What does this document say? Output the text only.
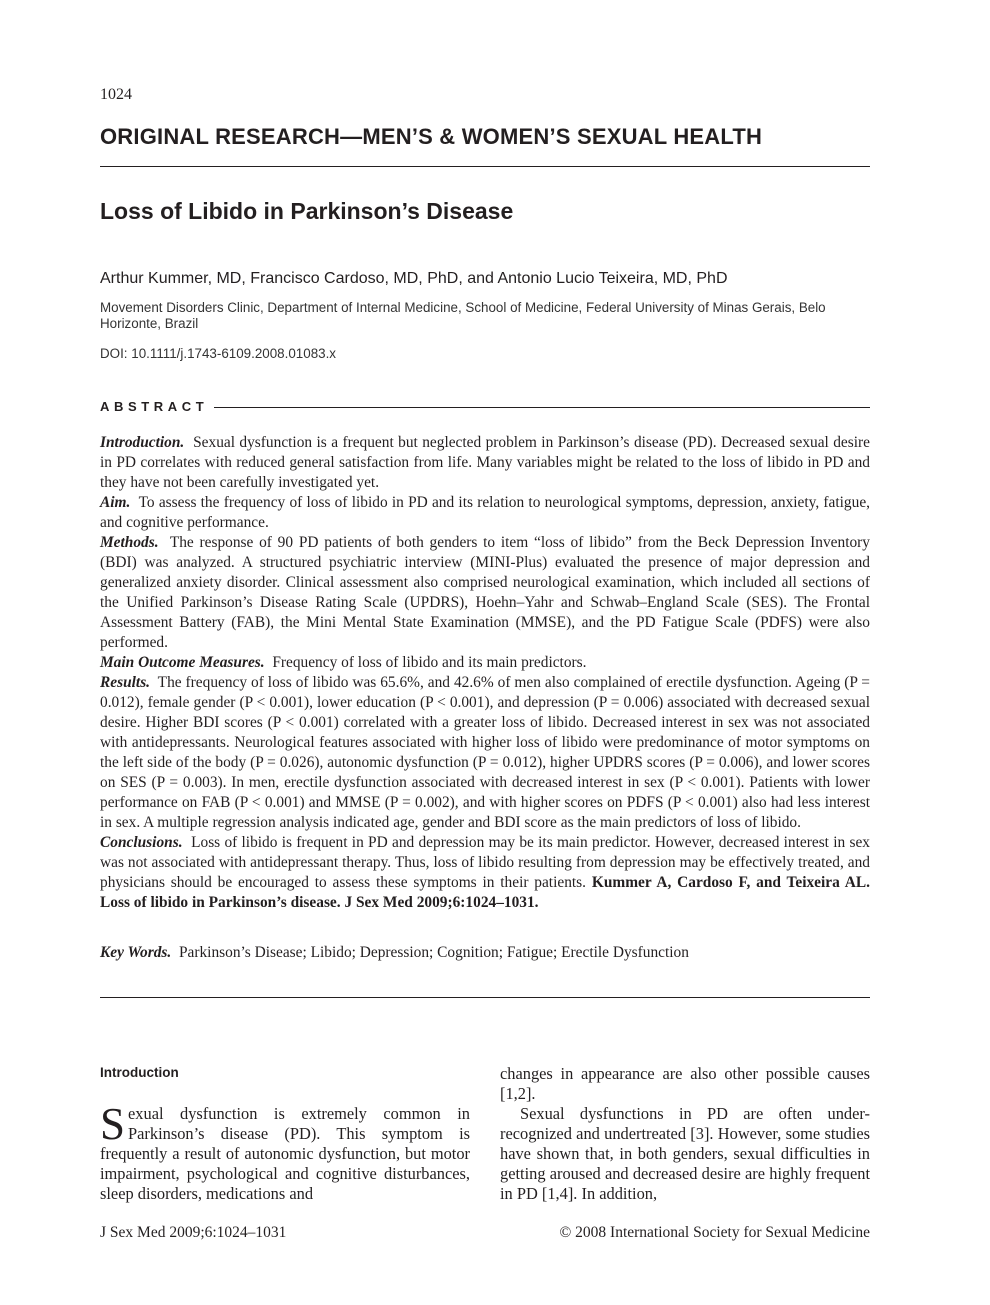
1024
ORIGINAL RESEARCH—MEN’S & WOMEN’S SEXUAL HEALTH
Loss of Libido in Parkinson’s Disease
Arthur Kummer, MD, Francisco Cardoso, MD, PhD, and Antonio Lucio Teixeira, MD, PhD
Movement Disorders Clinic, Department of Internal Medicine, School of Medicine, Federal University of Minas Gerais, Belo Horizonte, Brazil
DOI: 10.1111/j.1743-6109.2008.01083.x
ABSTRACT

Introduction. Sexual dysfunction is a frequent but neglected problem in Parkinson’s disease (PD). Decreased sexual desire in PD correlates with reduced general satisfaction from life. Many variables might be related to the loss of libido in PD and they have not been carefully investigated yet.

Aim. To assess the frequency of loss of libido in PD and its relation to neurological symptoms, depression, anxiety, fatigue, and cognitive performance.

Methods. The response of 90 PD patients of both genders to item “loss of libido” from the Beck Depression Inventory (BDI) was analyzed. A structured psychiatric interview (MINI-Plus) evaluated the presence of major depression and generalized anxiety disorder. Clinical assessment also comprised neurological examination, which included all sections of the Unified Parkinson’s Disease Rating Scale (UPDRS), Hoehn–Yahr and Schwab–England Scale (SES). The Frontal Assessment Battery (FAB), the Mini Mental State Examination (MMSE), and the PD Fatigue Scale (PDFS) were also performed.

Main Outcome Measures. Frequency of loss of libido and its main predictors.

Results. The frequency of loss of libido was 65.6%, and 42.6% of men also complained of erectile dysfunction. Ageing (P = 0.012), female gender (P < 0.001), lower education (P < 0.001), and depression (P = 0.006) associated with decreased sexual desire. Higher BDI scores (P < 0.001) correlated with a greater loss of libido. Decreased interest in sex was not associated with antidepressants. Neurological features associated with higher loss of libido were predominance of motor symptoms on the left side of the body (P = 0.026), autonomic dysfunction (P = 0.012), higher UPDRS scores (P = 0.006), and lower scores on SES (P = 0.003). In men, erectile dysfunction associated with decreased interest in sex (P < 0.001). Patients with lower performance on FAB (P < 0.001) and MMSE (P = 0.002), and with higher scores on PDFS (P < 0.001) also had less interest in sex. A multiple regression analysis indicated age, gender and BDI score as the main predictors of loss of libido.

Conclusions. Loss of libido is frequent in PD and depression may be its main predictor. However, decreased interest in sex was not associated with antidepressant therapy. Thus, loss of libido resulting from depression may be effectively treated, and physicians should be encouraged to assess these symptoms in their patients. Kummer A, Cardoso F, and Teixeira AL. Loss of libido in Parkinson’s disease. J Sex Med 2009;6:1024–1031.

Key Words. Parkinson’s Disease; Libido; Depression; Cognition; Fatigue; Erectile Dysfunction
Introduction

Sexual dysfunction is extremely common in Parkinson’s disease (PD). This symptom is frequently a result of autonomic dysfunction, but motor impairment, psychological and cognitive disturbances, sleep disorders, medications and

changes in appearance are also other possible causes [1,2].

Sexual dysfunctions in PD are often under-recognized and undertreated [3]. However, some studies have shown that, in both genders, sexual difficulties in getting aroused and decreased desire are highly frequent in PD [1,4]. In addition,

J Sex Med 2009;6:1024–1031	© 2008 International Society for Sexual Medicine
